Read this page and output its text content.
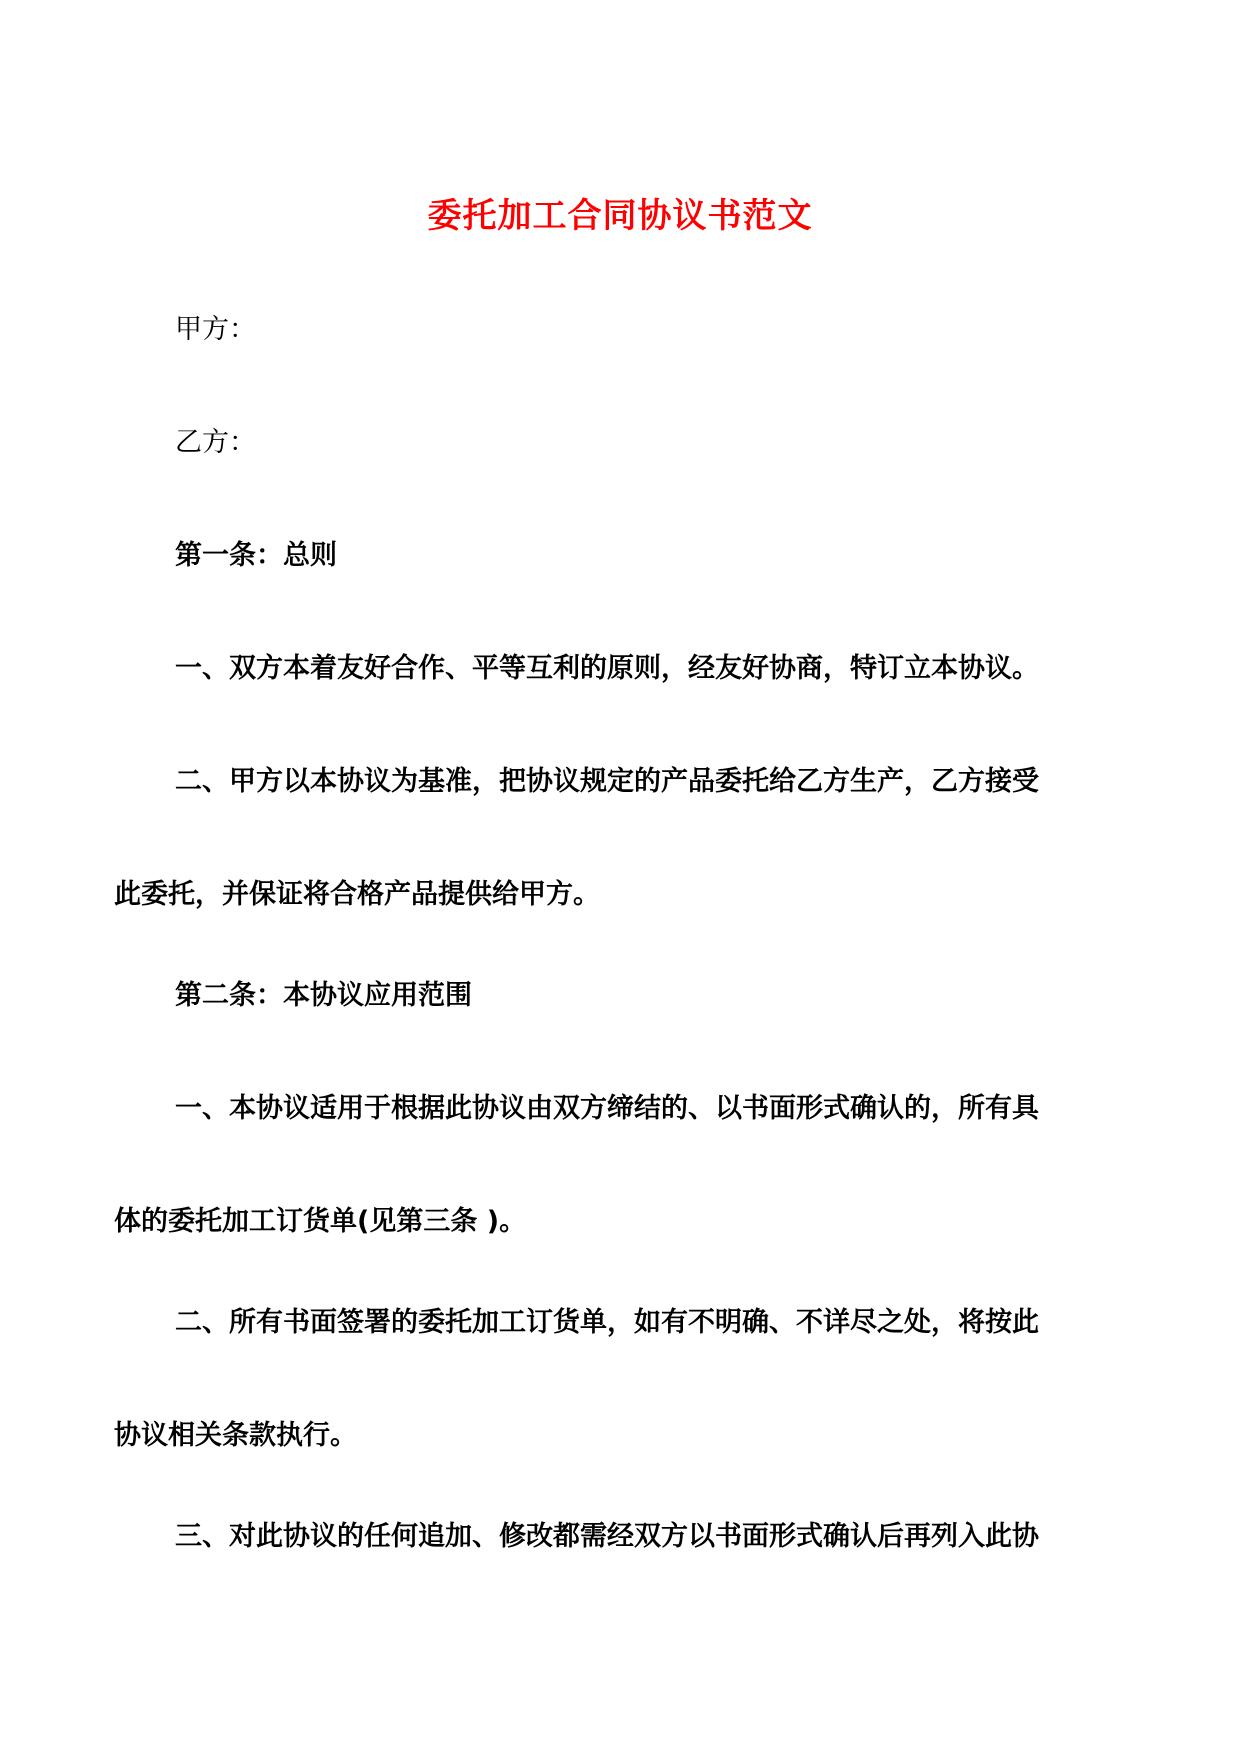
委托加工合同协议书范文
甲方：
乙方：
第一条：总则
一、双方本着友好合作、平等互利的原则，经友好协商，特订立本协议。
二、甲方以本协议为基准，把协议规定的产品委托给乙方生产，乙方接受
此委托，并保证将合格产品提供给甲方。
第二条：本协议应用范围
一、本协议适用于根据此协议由双方缔结的、以书面形式确认的，所有具
体的委托加工订货单(见第三条 )。
二、所有书面签署的委托加工订货单，如有不明确、不详尽之处，将按此
协议相关条款执行。
三、对此协议的任何追加、修改都需经双方以书面形式确认后再列入此协
